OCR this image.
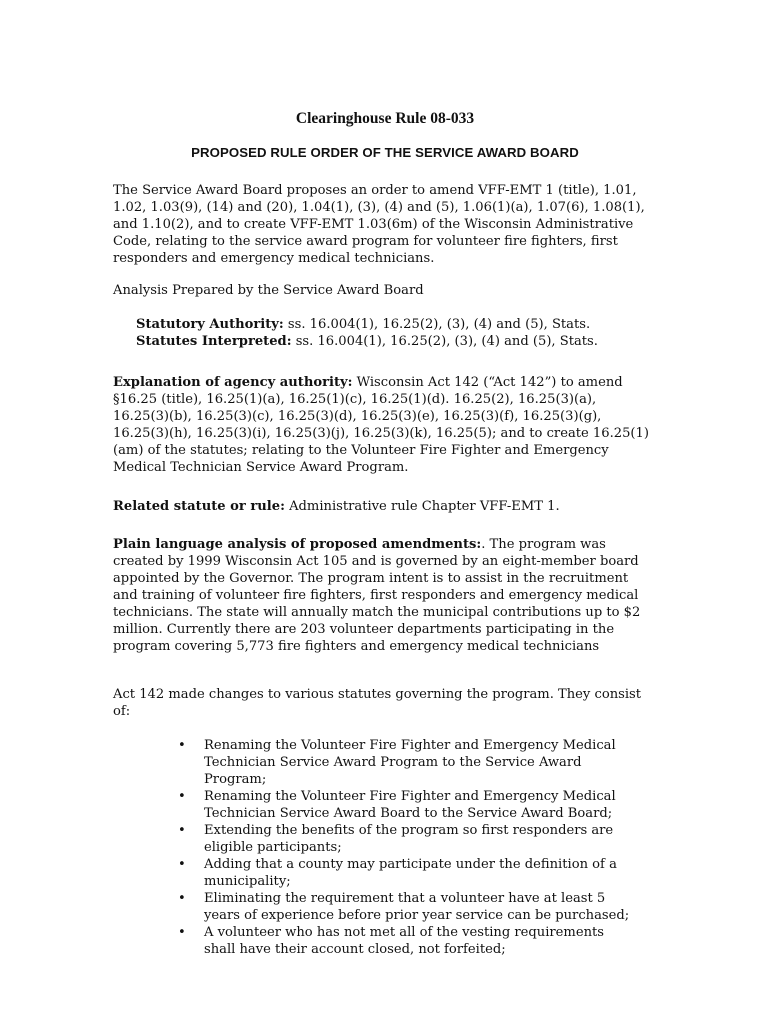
Clearinghouse Rule 08-033
PROPOSED RULE ORDER OF THE SERVICE AWARD BOARD

The Service Award Board proposes an order to amend VFF-EMT 1 (title), 1.01, 1.02, 1.03(9), (14) and (20), 1.04(1), (3), (4) and (5), 1.06(1)(a), 1.07(6), 1.08(1), and 1.10(2), and to create VFF-EMT 1.03(6m) of the Wisconsin Administrative Code, relating to the service award program for volunteer fire fighters, first responders and emergency medical technicians.

Analysis Prepared by the Service Award Board

Statutory Authority: ss. 16.004(1), 16.25(2), (3), (4) and (5), Stats.

Statutes Interpreted: ss. 16.004(1), 16.25(2), (3), (4) and (5), Stats.

Explanation of agency authority: Wisconsin Act 142 (“Act 142”) to amend §16.25 (title), 16.25(1)(a), 16.25(1)(c), 16.25(1)(d). 16.25(2), 16.25(3)(a), 16.25(3)(b), 16.25(3)(c), 16.25(3)(d), 16.25(3)(e), 16.25(3)(f), 16.25(3)(g), 16.25(3)(h), 16.25(3)(i), 16.25(3)(j), 16.25(3)(k), 16.25(5); and to create 16.25(1)(am) of the statutes; relating to the Volunteer Fire Fighter and Emergency Medical Technician Service Award Program.

Related statute or rule: Administrative rule Chapter VFF-EMT 1.

Plain language analysis of proposed amendments:. The program was created by 1999 Wisconsin Act 105 and is governed by an eight-member board appointed by the Governor. The program intent is to assist in the recruitment and training of volunteer fire fighters, first responders and emergency medical technicians. The state will annually match the municipal contributions up to $2 million. Currently there are 203 volunteer departments participating in the program covering 5,773 fire fighters and emergency medical technicians

Act 142 made changes to various statutes governing the program. They consist of:

• Renaming the Volunteer Fire Fighter and Emergency Medical Technician Service Award Program to the Service Award Program;
• Renaming the Volunteer Fire Fighter and Emergency Medical Technician Service Award Board to the Service Award Board;
• Extending the benefits of the program so first responders are eligible participants;
• Adding that a county may participate under the definition of a municipality;
• Eliminating the requirement that a volunteer have at least 5 years of experience before prior year service can be purchased;
• A volunteer who has not met all of the vesting requirements shall have their account closed, not forfeited;
